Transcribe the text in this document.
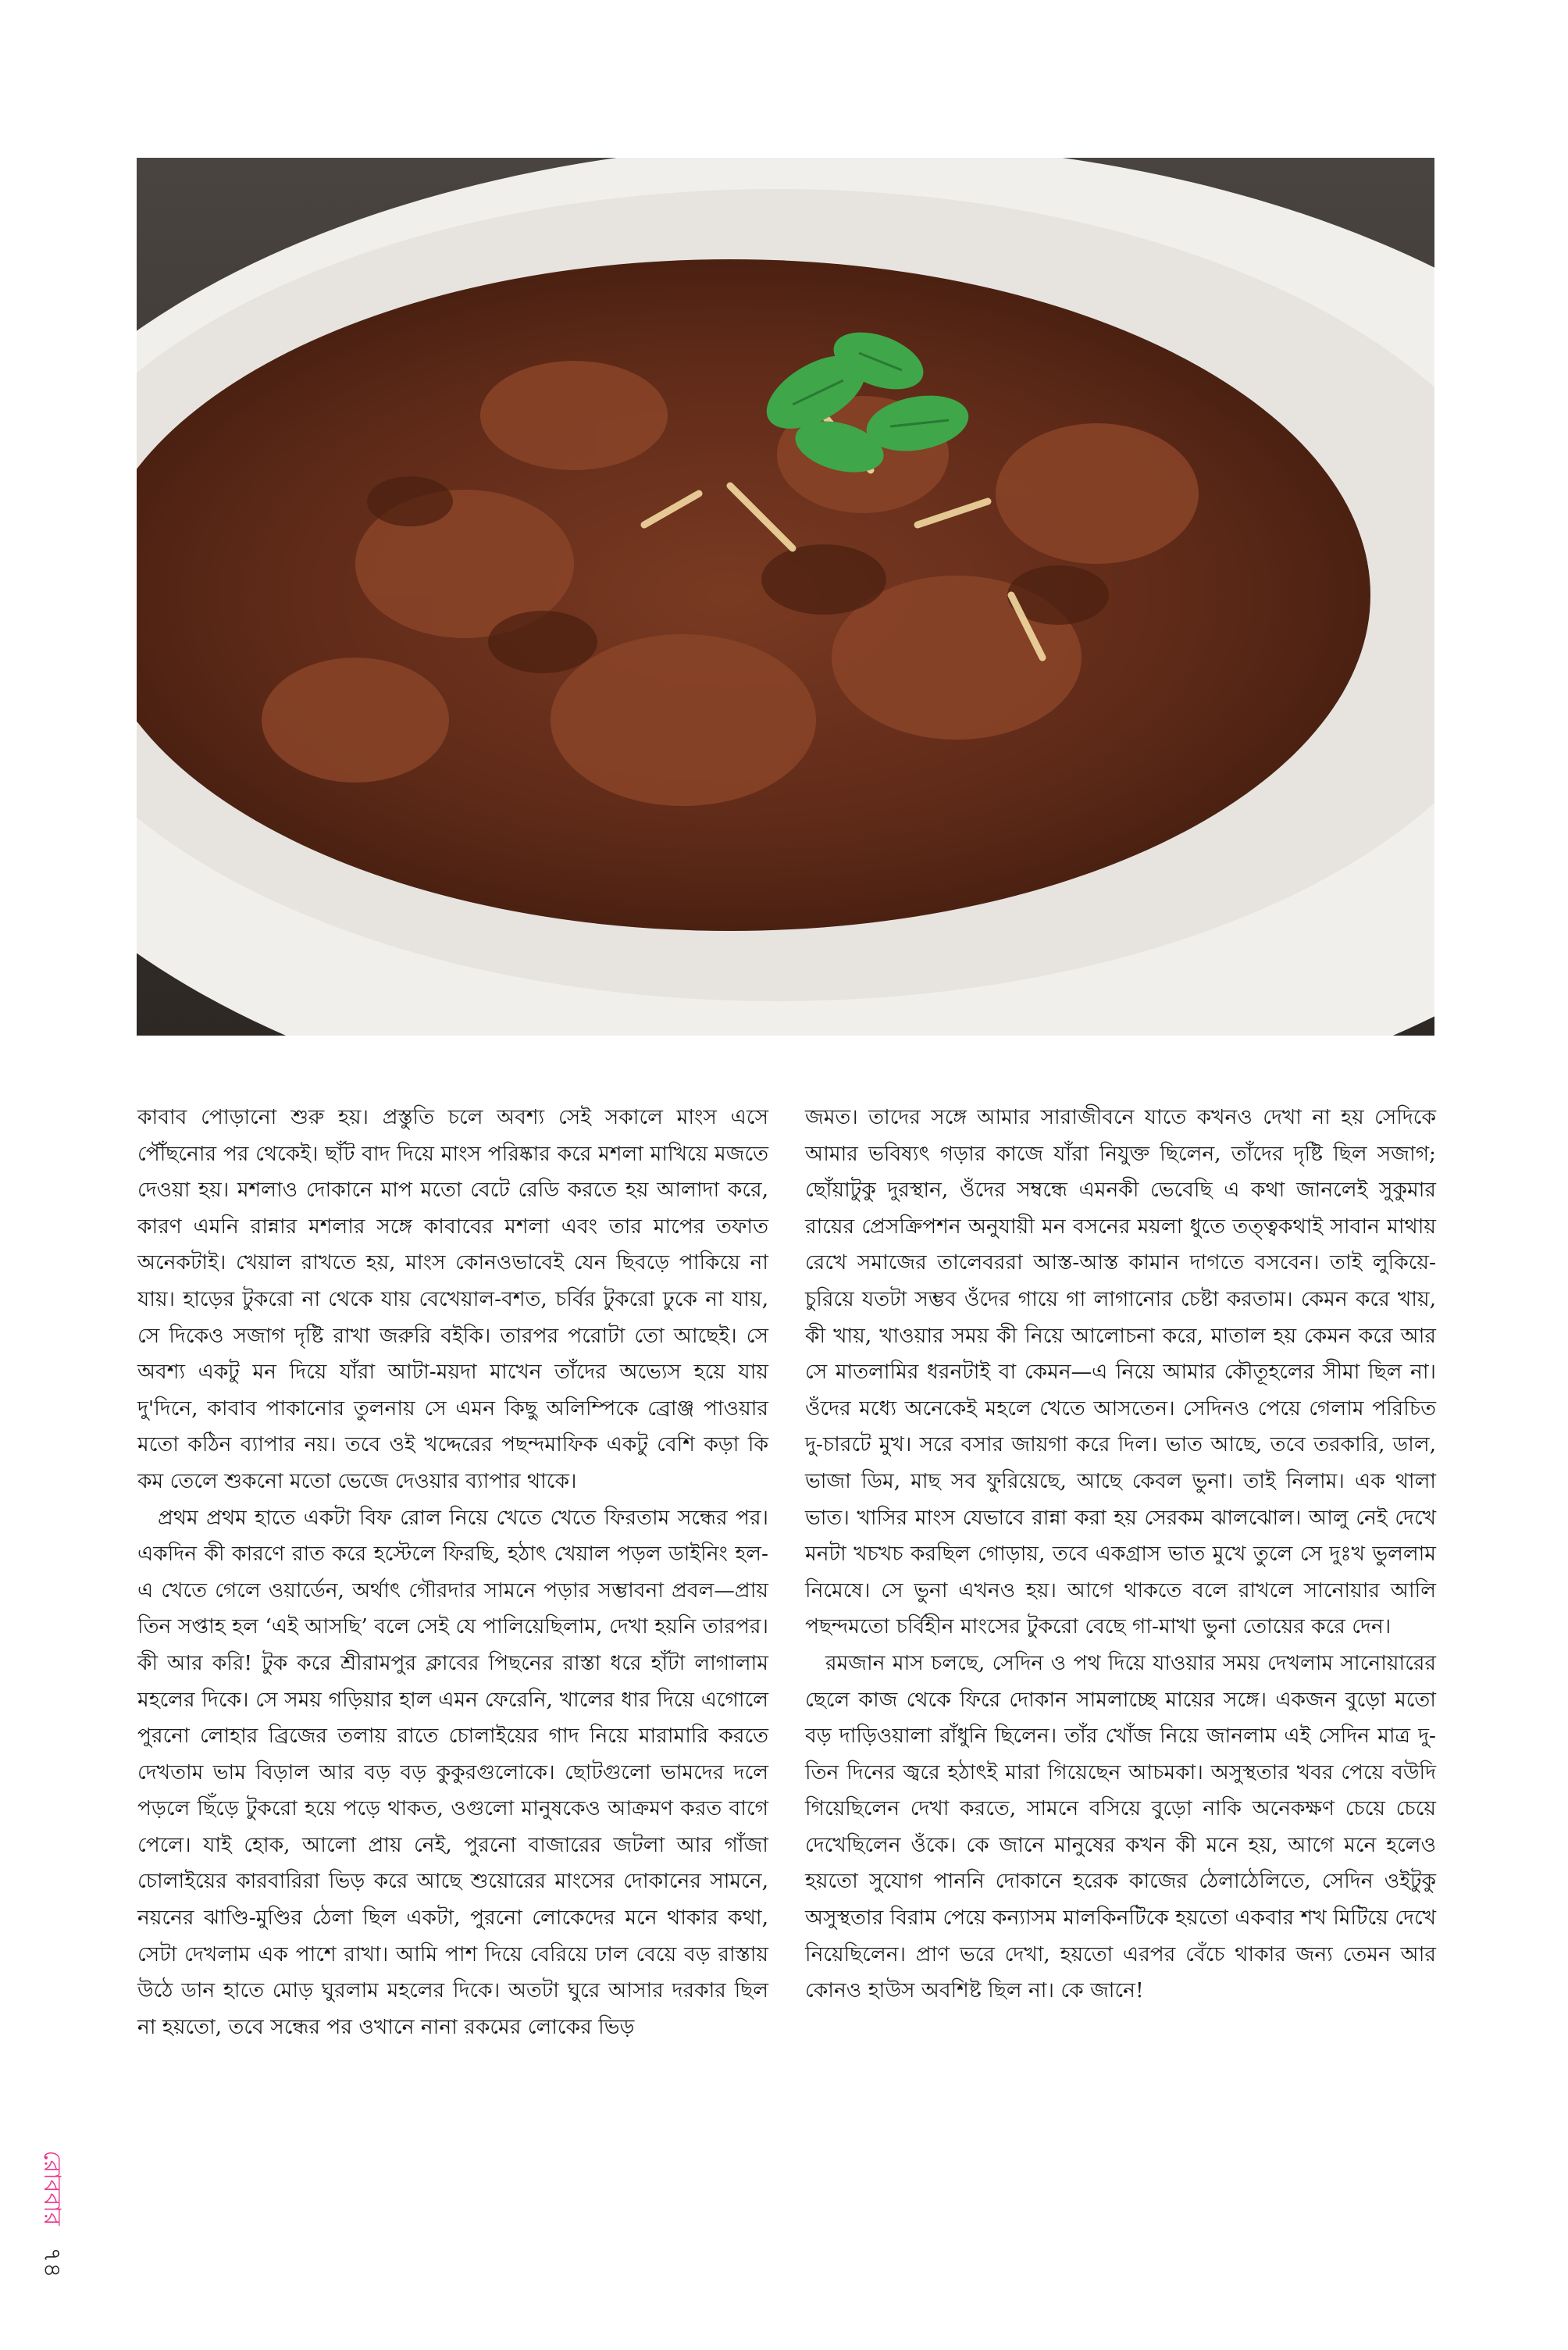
কাবাব পোড়ানো শুরু হয়। প্রস্তুতি চলে অবশ্য সেই সকালে মাংস এসে পৌঁছনোর পর থেকেই। ছাঁট বাদ দিয়ে মাংস পরিষ্কার করে মশলা মাখিয়ে মজতে দেওয়া হয়। মশলাও দোকানে মাপ মতো বেটে রেডি করতে হয় আলাদা করে, কারণ এমনি রান্নার মশলার সঙ্গে কাবাবের মশলা এবং তার মাপের তফাত অনেকটাই। খেয়াল রাখতে হয়, মাংস কোনওভাবেই যেন ছিবড়ে পাকিয়ে না যায়। হাড়ের টুকরো না থেকে যায় বেখেয়াল-বশত, চর্বির টুকরো ঢুকে না যায়, সে দিকেও সজাগ দৃষ্টি রাখা জরুরি বইকি। তারপর পরোটা তো আছেই। সে অবশ্য একটু মন দিয়ে যাঁরা আটা-ময়দা মাখেন তাঁদের অভ্যেস হয়ে যায় দু'দিনে, কাবাব পাকানোর তুলনায় সে এমন কিছু অলিম্পিকে ব্রোঞ্জ পাওয়ার মতো কঠিন ব্যাপার নয়। তবে ওই খদ্দেরের পছন্দমাফিক একটু বেশি কড়া কি কম তেলে শুকনো মতো ভেজে দেওয়ার ব্যাপার থাকে।

প্রথম প্রথম হাতে একটা বিফ রোল নিয়ে খেতে খেতে ফিরতাম সন্ধের পর। একদিন কী কারণে রাত করে হস্টেলে ফিরছি, হঠাৎ খেয়াল পড়ল ডাইনিং হল-এ খেতে গেলে ওয়ার্ডেন, অর্থাৎ গৌরদার সামনে পড়ার সম্ভাবনা প্রবল—প্রায় তিন সপ্তাহ হল ‘এই আসছি’ বলে সেই যে পালিয়েছিলাম, দেখা হয়নি তারপর। কী আর করি! টুক করে শ্রীরামপুর ক্লাবের পিছনের রাস্তা ধরে হাঁটা লাগালাম মহলের দিকে। সে সময় গড়িয়ার হাল এমন ফেরেনি, খালের ধার দিয়ে এগোলে পুরনো লোহার ব্রিজের তলায় রাতে চোলাইয়ের গাদ নিয়ে মারামারি করতে দেখতাম ভাম বিড়াল আর বড় বড় কুকুরগুলোকে। ছোটগুলো ভামদের দলে পড়লে ছিঁড়ে টুকরো হয়ে পড়ে থাকত, ওগুলো মানুষকেও আক্রমণ করত বাগে পেলে। যাই হোক, আলো প্রায় নেই, পুরনো বাজারের জটলা আর গাঁজা চোলাইয়ের কারবারিরা ভিড় করে আছে শুয়োরের মাংসের দোকানের সামনে, নয়নের ঝাণ্ডি-মুণ্ডির ঠেলা ছিল একটা, পুরনো লোকেদের মনে থাকার কথা, সেটা দেখলাম এক পাশে রাখা। আমি পাশ দিয়ে বেরিয়ে ঢাল বেয়ে বড় রাস্তায় উঠে ডান হাতে মোড় ঘুরলাম মহলের দিকে। অতটা ঘুরে আসার দরকার ছিল না হয়তো, তবে সন্ধের পর ওখানে নানা রকমের লোকের ভিড়

জমত। তাদের সঙ্গে আমার সারাজীবনে যাতে কখনও দেখা না হয় সেদিকে আমার ভবিষ্যৎ গড়ার কাজে যাঁরা নিযুক্ত ছিলেন, তাঁদের দৃষ্টি ছিল সজাগ; ছোঁয়াটুকু দুরস্থান, ওঁদের সম্বন্ধে এমনকী ভেবেছি এ কথা জানলেই সুকুমার রায়ের প্রেসক্রিপশন অনুযায়ী মন বসনের ময়লা ধুতে তত্ত্বকথাই সাবান মাথায় রেখে সমাজের তালেবররা আস্ত-আস্ত কামান দাগতে বসবেন। তাই লুকিয়ে-চুরিয়ে যতটা সম্ভব ওঁদের গায়ে গা লাগানোর চেষ্টা করতাম। কেমন করে খায়, কী খায়, খাওয়ার সময় কী নিয়ে আলোচনা করে, মাতাল হয় কেমন করে আর সে মাতলামির ধরনটাই বা কেমন—এ নিয়ে আমার কৌতূহলের সীমা ছিল না। ওঁদের মধ্যে অনেকেই মহলে খেতে আসতেন। সেদিনও পেয়ে গেলাম পরিচিত দু-চারটে মুখ। সরে বসার জায়গা করে দিল। ভাত আছে, তবে তরকারি, ডাল, ভাজা ডিম, মাছ সব ফুরিয়েছে, আছে কেবল ভুনা। তাই নিলাম। এক থালা ভাত। খাসির মাংস যেভাবে রান্না করা হয় সেরকম ঝালঝোল। আলু নেই দেখে মনটা খচখচ করছিল গোড়ায়, তবে একগ্রাস ভাত মুখে তুলে সে দুঃখ ভুললাম নিমেষে। সে ভুনা এখনও হয়। আগে থাকতে বলে রাখলে সানোয়ার আলি পছন্দমতো চর্বিহীন মাংসের টুকরো বেছে গা-মাখা ভুনা তোয়ের করে দেন।

রমজান মাস চলছে, সেদিন ও পথ দিয়ে যাওয়ার সময় দেখলাম সানোয়ারের ছেলে কাজ থেকে ফিরে দোকান সামলাচ্ছে মায়ের সঙ্গে। একজন বুড়ো মতো বড় দাড়িওয়ালা রাঁধুনি ছিলেন। তাঁর খোঁজ নিয়ে জানলাম এই সেদিন মাত্র দু-তিন দিনের জ্বরে হঠাৎই মারা গিয়েছেন আচমকা। অসুস্থতার খবর পেয়ে বউদি গিয়েছিলেন দেখা করতে, সামনে বসিয়ে বুড়ো নাকি অনেকক্ষণ চেয়ে চেয়ে দেখেছিলেন ওঁকে। কে জানে মানুষের কখন কী মনে হয়, আগে মনে হলেও হয়তো সুযোগ পাননি দোকানে হরেক কাজের ঠেলাঠেলিতে, সেদিন ওইটুকু অসুস্থতার বিরাম পেয়ে কন্যাসম মালকিনটিকে হয়তো একবার শখ মিটিয়ে দেখে নিয়েছিলেন। প্রাণ ভরে দেখা, হয়তো এরপর বেঁচে থাকার জন্য তেমন আর কোনও হাউস অবশিষ্ট ছিল না। কে জানে!

রোববার৭৪
